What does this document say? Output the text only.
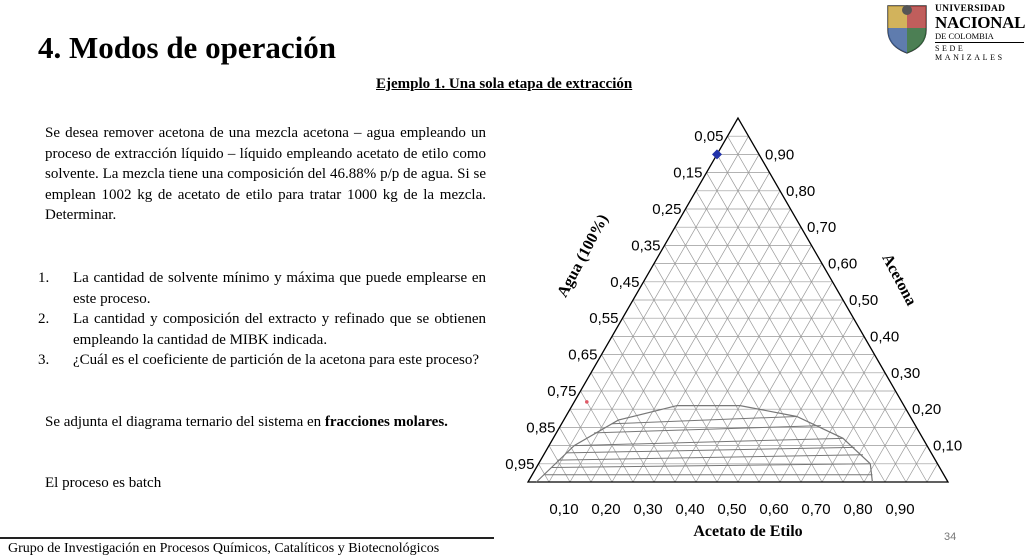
4. Modos de operación
Ejemplo 1. Una sola etapa de extracción
Se desea remover acetona de una mezcla acetona – agua empleando un proceso de extracción líquido – líquido empleando acetato de etilo como solvente. La mezcla tiene una composición del 46.88% p/p de agua. Si se emplean 1002 kg de acetato de etilo para tratar 1000 kg de la mezcla. Determinar.
1. La cantidad de solvente mínimo y máxima que puede emplearse en este proceso.
2. La cantidad y composición del extracto y refinado que se obtienen empleando la cantidad de MIBK indicada.
3. ¿Cuál es el coeficiente de partición de la acetona para este proceso?
Se adjunta el diagrama ternario del sistema en fracciones molares.
El proceso es batch
Grupo de Investigación en Procesos Químicos, Catalíticos y Biotecnológicos
34
UNIVERSIDAD
NACIONAL
DE COLOMBIA
SEDE MANIZALES
0,05
0,15
0,25
0,35
0,45
0,55
0,65
0,75
0,85
0,95
0,90
0,80
0,70
0,60
0,50
0,40
0,30
0,20
0,10
0,10 0,20 0,30 0,40 0,50 0,60 0,70 0,80 0,90
Agua (100%)	Acetona
Acetato de Etilo
